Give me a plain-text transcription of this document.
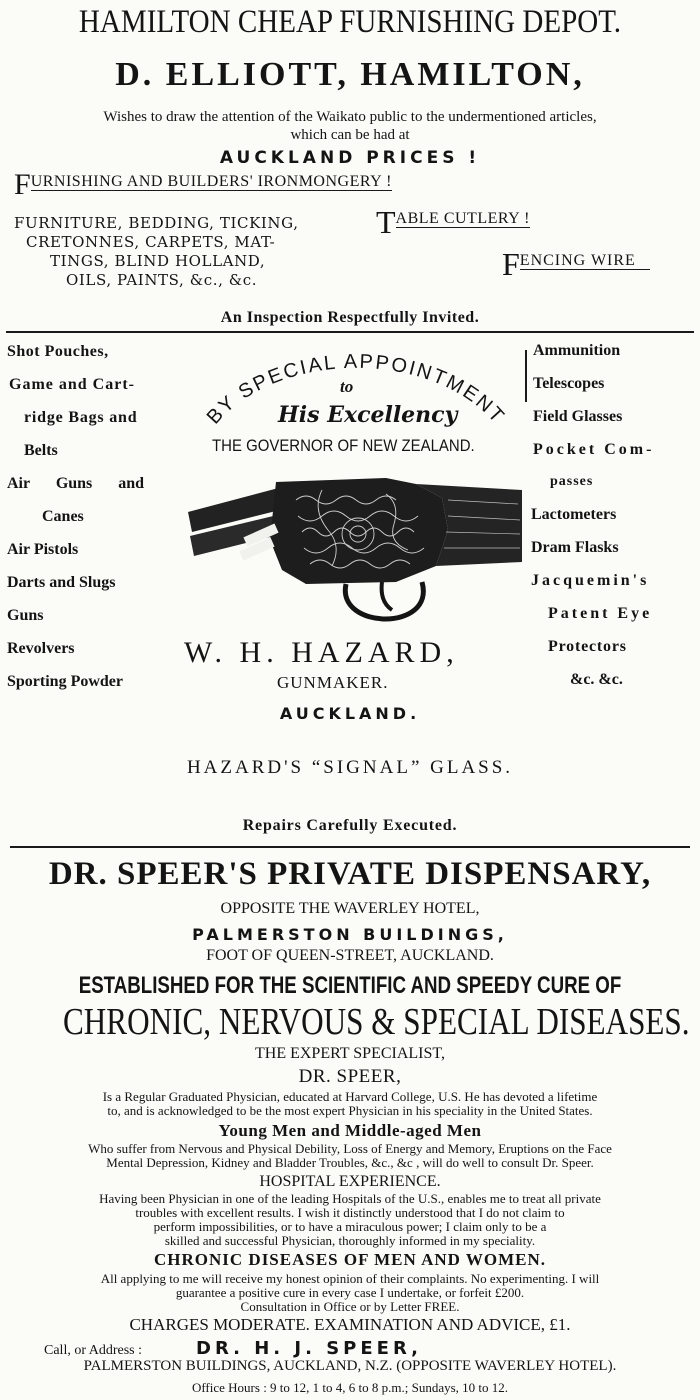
HAMILTON CHEAP FURNISHING DEPOT.
D. ELLIOTT, HAMILTON,
Wishes to draw the attention of the Waikato public to the undermentioned articles,
which can be had at
AUCKLAND PRICES !
FURNISHING AND BUILDERS' IRONMONGERY !
FURNITURE, BEDDING, TICKING,
CRETONNES, CARPETS, MAT-
TINGS, BLIND HOLLAND,
OILS, PAINTS, &c., &c.
TABLE CUTLERY !
FENCING WIRE
An Inspection Respectfully Invited.
Shot Pouches,
Game and Cart-
ridge Bags and
Belts
Air Guns and
Canes
Air Pistols
Darts and Slugs
Guns
Revolvers
Sporting Powder
Ammunition
Telescopes
Field Glasses
Pocket Com-
passes
Lactometers
Dram Flasks
Jacquemin's
Patent Eye
Protectors
&c. &c.
BY SPECIAL APPOINTMENT
to
His Excellency
THE GOVERNOR OF NEW ZEALAND.
W. H. HAZARD,
GUNMAKER.
AUCKLAND.
HAZARD'S “SIGNAL” GLASS.
Repairs Carefully Executed.
DR. SPEER'S PRIVATE DISPENSARY,
OPPOSITE THE WAVERLEY HOTEL,
PALMERSTON BUILDINGS,
FOOT OF QUEEN-STREET, AUCKLAND.
ESTABLISHED FOR THE SCIENTIFIC AND SPEEDY CURE OF
CHRONIC, NERVOUS & SPECIAL DISEASES.
THE EXPERT SPECIALIST,
DR. SPEER,
Is a Regular Graduated Physician, educated at Harvard College, U.S. He has devoted a lifetime
to, and is acknowledged to be the most expert Physician in his speciality in the United States.
Young Men and Middle-aged Men
Who suffer from Nervous and Physical Debility, Loss of Energy and Memory, Eruptions on the Face
Mental Depression, Kidney and Bladder Troubles, &c., &c , will do well to consult Dr. Speer.
HOSPITAL EXPERIENCE.
Having been Physician in one of the leading Hospitals of the U.S., enables me to treat all private
troubles with excellent results. I wish it distinctly understood that I do not claim to
perform impossibilities, or to have a miraculous power; I claim only to be a
skilled and successful Physician, thoroughly informed in my speciality.
CHRONIC DISEASES OF MEN AND WOMEN.
All applying to me will receive my honest opinion of their complaints. No experimenting. I will
guarantee a positive cure in every case I undertake, or forfeit £200.
Consultation in Office or by Letter FREE.
CHARGES MODERATE. EXAMINATION AND ADVICE, £1.
Call, or Address :	DR. H. J. SPEER,
PALMERSTON BUILDINGS, AUCKLAND, N.Z. (OPPOSITE WAVERLEY HOTEL).
Office Hours : 9 to 12, 1 to 4, 6 to 8 p.m.; Sundays, 10 to 12.
